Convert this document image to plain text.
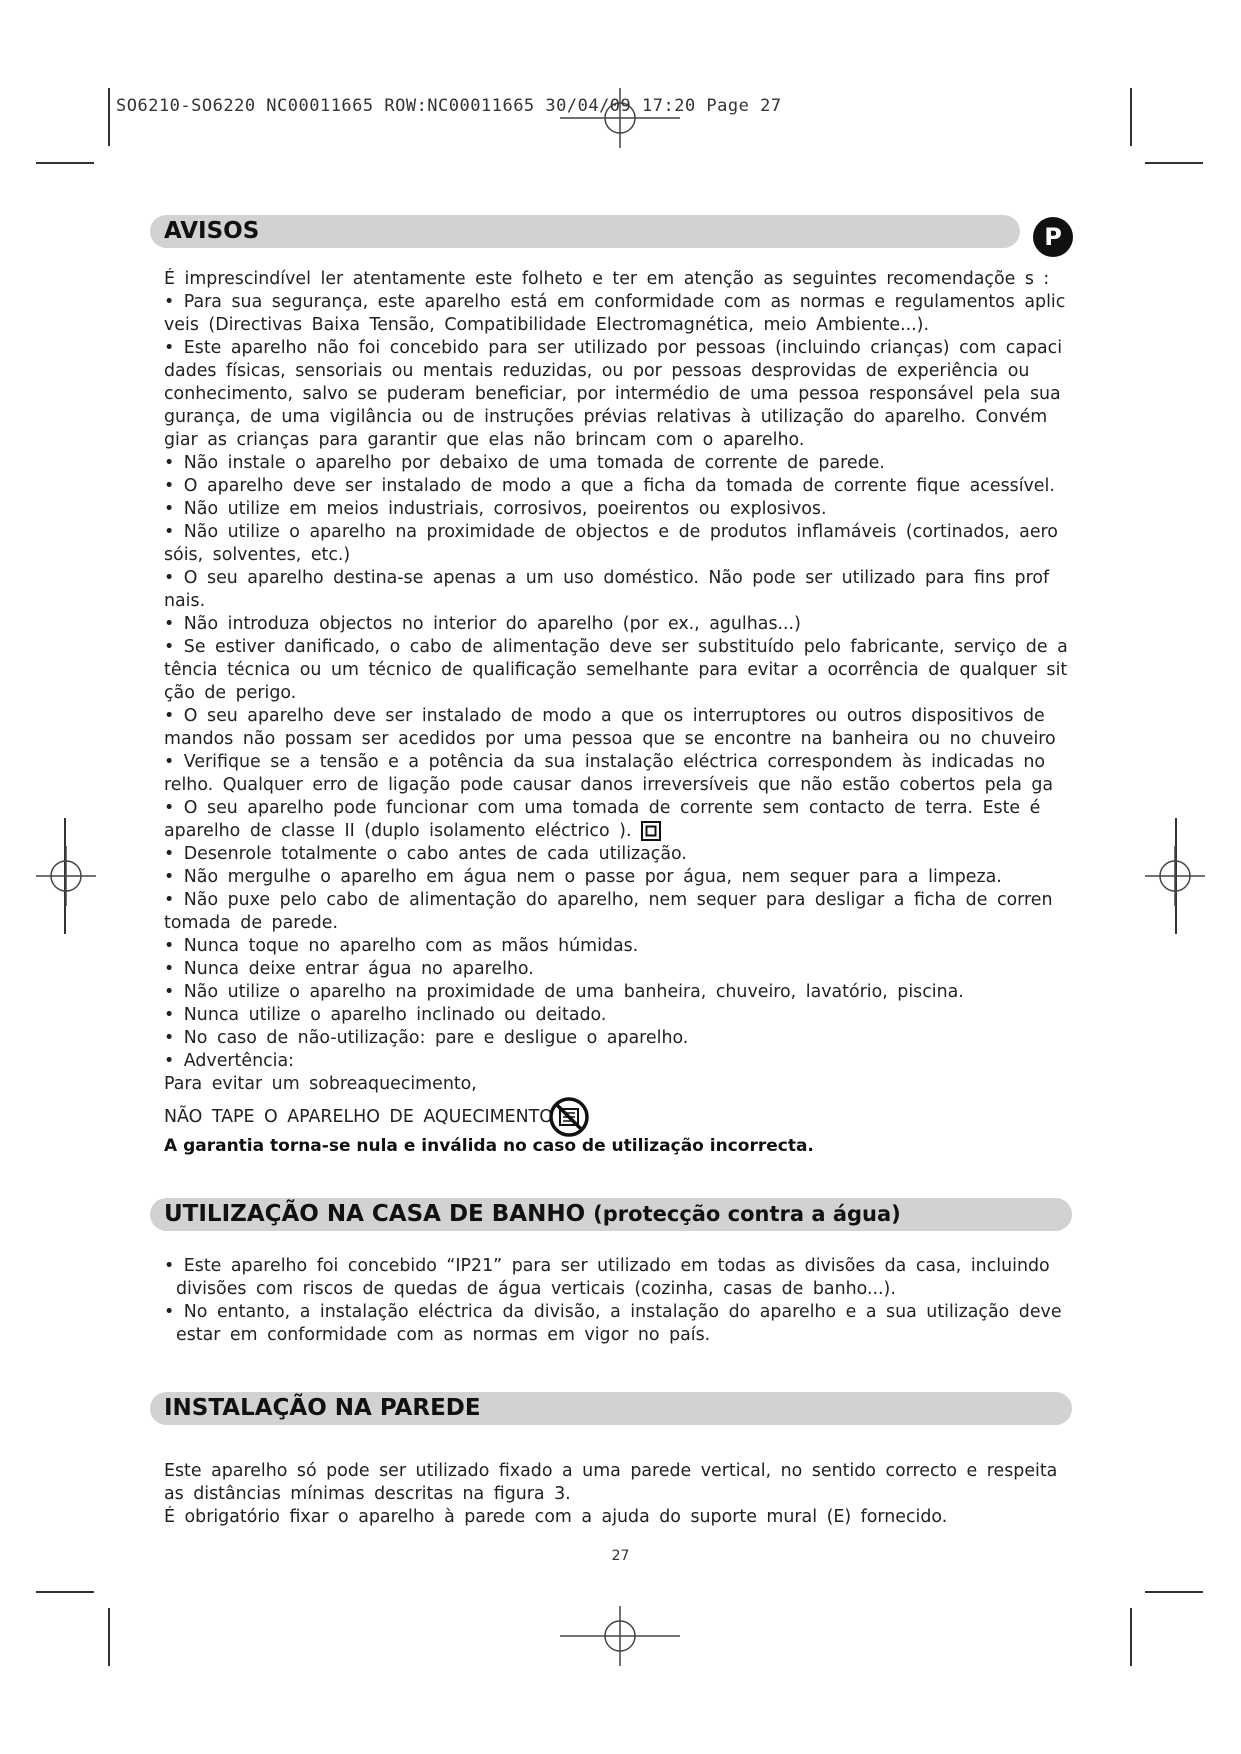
SO6210-SO6220 NC00011665 ROW:NC00011665 30/04/09 17:20 Page 27
AVISOS	P

É imprescindível ler atentamente este folheto e ter em atenção as seguintes recomendaçõe s :

• Para sua segurança, este aparelho está em conformidade com as normas e regulamentos aplic

veis (Directivas Baixa Tensão, Compatibilidade Electromagnética, meio Ambiente...).

• Este aparelho não foi concebido para ser utilizado por pessoas (incluindo crianças) com capaci

dades físicas, sensoriais ou mentais reduzidas, ou por pessoas desprovidas de experiência ou

conhecimento, salvo se puderam beneficiar, por intermédio de uma pessoa responsável pela sua

gurança, de uma vigilância ou de instruções prévias relativas à utilização do aparelho. Convém

giar as crianças para garantir que elas não brincam com o aparelho.

• Não instale o aparelho por debaixo de uma tomada de corrente de parede.

• O aparelho deve ser instalado de modo a que a ficha da tomada de corrente fique acessível.

• Não utilize em meios industriais, corrosivos, poeirentos ou explosivos.

• Não utilize o aparelho na proximidade de objectos e de produtos inflamáveis (cortinados, aero

sóis, solventes, etc.)

• O seu aparelho destina-se apenas a um uso doméstico. Não pode ser utilizado para fins prof

nais.

• Não introduza objectos no interior do aparelho (por ex., agulhas...)

• Se estiver danificado, o cabo de alimentação deve ser substituído pelo fabricante, serviço de a

tência técnica ou um técnico de qualificação semelhante para evitar a ocorrência de qualquer sit

ção de perigo.

• O seu aparelho deve ser instalado de modo a que os interruptores ou outros dispositivos de

mandos não possam ser acedidos por uma pessoa que se encontre na banheira ou no chuveiro

• Verifique se a tensão e a potência da sua instalação eléctrica correspondem às indicadas no

relho. Qualquer erro de ligação pode causar danos irreversíveis que não estão cobertos pela ga

• O seu aparelho pode funcionar com uma tomada de corrente sem contacto de terra. Este é

aparelho de classe II (duplo isolamento eléctrico ).

• Desenrole totalmente o cabo antes de cada utilização.

• Não mergulhe o aparelho em água nem o passe por água, nem sequer para a limpeza.

• Não puxe pelo cabo de alimentação do aparelho, nem sequer para desligar a ficha de corren

tomada de parede.

• Nunca toque no aparelho com as mãos húmidas.

• Nunca deixe entrar água no aparelho.

• Não utilize o aparelho na proximidade de uma banheira, chuveiro, lavatório, piscina.

• Nunca utilize o aparelho inclinado ou deitado.

• No caso de não-utilização: pare e desligue o aparelho.

• Advertência:

Para evitar um sobreaquecimento,

NÃO TAPE O APARELHO DE AQUECIMENTO

A garantia torna-se nula e inválida no caso de utilização incorrecta.
UTILIZAÇÃO NA CASA DE BANHO (protecção contra a água)

• Este aparelho foi concebido “IP21” para ser utilizado em todas as divisões da casa, incluindo

divisões com riscos de quedas de água verticais (cozinha, casas de banho...).

• No entanto, a instalação eléctrica da divisão, a instalação do aparelho e a sua utilização deve

estar em conformidade com as normas em vigor no país.

INSTALAÇÃO NA PAREDE

Este aparelho só pode ser utilizado fixado a uma parede vertical, no sentido correcto e respeita

as distâncias mínimas descritas na figura 3.

É obrigatório fixar o aparelho à parede com a ajuda do suporte mural (E) fornecido.

27
